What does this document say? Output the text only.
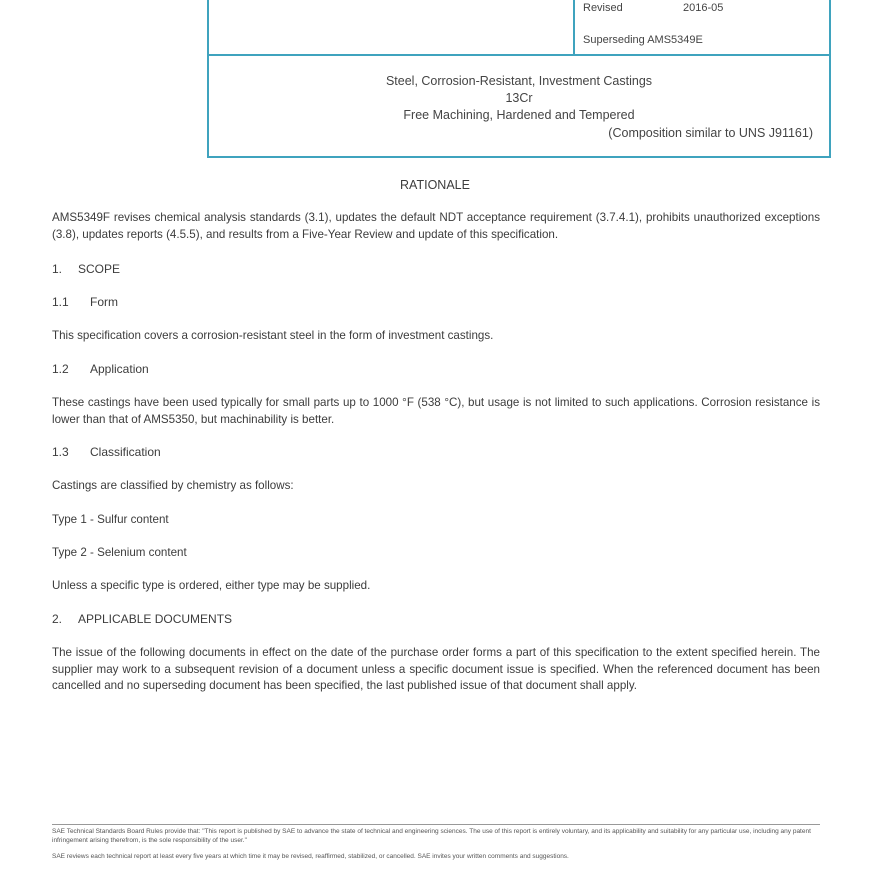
Revised	2016-05
Superseding AMS5349E
Steel, Corrosion-Resistant, Investment Castings
13Cr
Free Machining, Hardened and Tempered
(Composition similar to UNS J91161)
RATIONALE
AMS5349F revises chemical analysis standards (3.1), updates the default NDT acceptance requirement (3.7.4.1), prohibits unauthorized exceptions (3.8), updates reports (4.5.5), and results from a Five-Year Review and update of this specification.
1. SCOPE
1.1 Form
This specification covers a corrosion-resistant steel in the form of investment castings.
1.2 Application
These castings have been used typically for small parts up to 1000 °F (538 °C), but usage is not limited to such applications. Corrosion resistance is lower than that of AMS5350, but machinability is better.
1.3 Classification
Castings are classified by chemistry as follows:
Type 1 - Sulfur content
Type 2 - Selenium content
Unless a specific type is ordered, either type may be supplied.
2. APPLICABLE DOCUMENTS
The issue of the following documents in effect on the date of the purchase order forms a part of this specification to the extent specified herein. The supplier may work to a subsequent revision of a document unless a specific document issue is specified. When the referenced document has been cancelled and no superseding document has been specified, the last published issue of that document shall apply.
SAE Technical Standards Board Rules provide that: "This report is published by SAE to advance the state of technical and engineering sciences. The use of this report is entirely voluntary, and its applicability and suitability for any particular use, including any patent infringement arising therefrom, is the sole responsibility of the user."
SAE reviews each technical report at least every five years at which time it may be revised, reaffirmed, stabilized, or cancelled. SAE invites your written comments and suggestions.
